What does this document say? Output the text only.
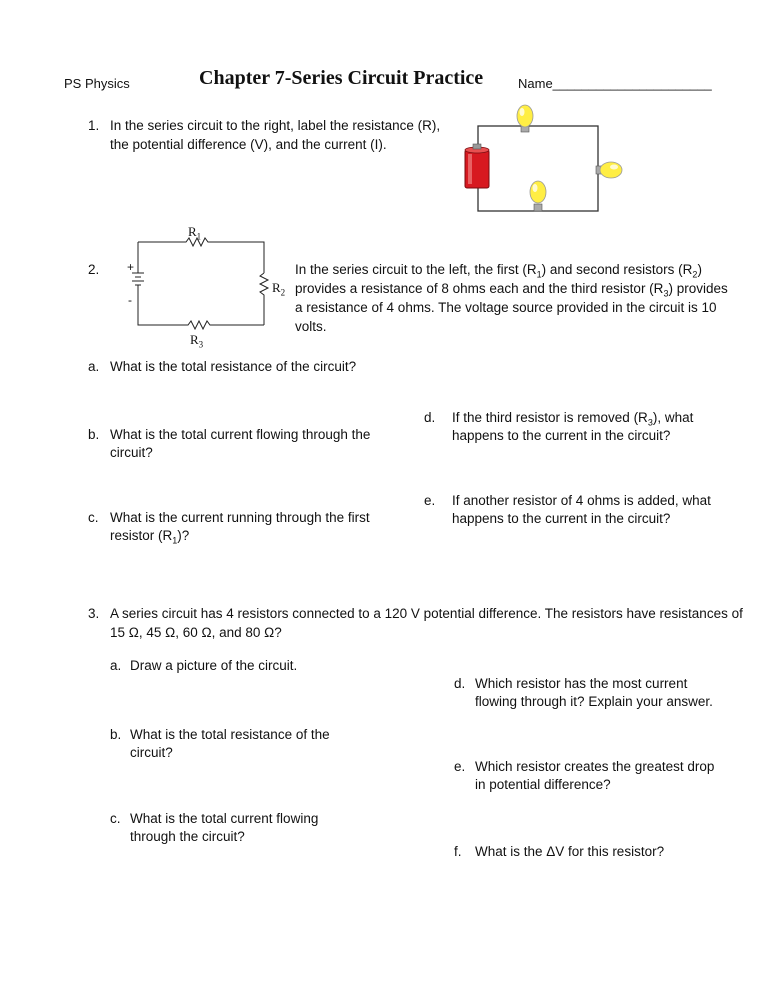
PS Physics	Chapter 7-Series Circuit Practice	Name______________________
1. In the series circuit to the right, label the resistance (R),
the potential difference (V), and the current (I).
2.
$R_1$
$R_2$
$R_3$
+
-
In the series circuit to the left, the first $(R_1)$ and second resistors $(R_2)$
provides a resistance of 8 ohms each and the third resistor $(R_3)$ provides
a resistance of 4 ohms. The voltage source provided in the circuit is 10
volts.
a. What is the total resistance of the circuit?
b. What is the total current flowing through the
circuit?
c. What is the current running through the first
resistor $(R_1)$?
d. If the third resistor is removed $(R_3)$, what
happens to the current in the circuit?
e. If another resistor of 4 ohms is added, what
happens to the current in the circuit?
3. A series circuit has 4 resistors connected to a 120 V potential difference. The resistors have resistances of
15 Ω, 45 Ω, 60 Ω, and 80 Ω?
a. Draw a picture of the circuit.
b. What is the total resistance of the
circuit?
c. What is the total current flowing
through the circuit?
d. Which resistor has the most current
flowing through it? Explain your answer.
e. Which resistor creates the greatest drop
in potential difference?
f. What is the ΔV for this resistor?
